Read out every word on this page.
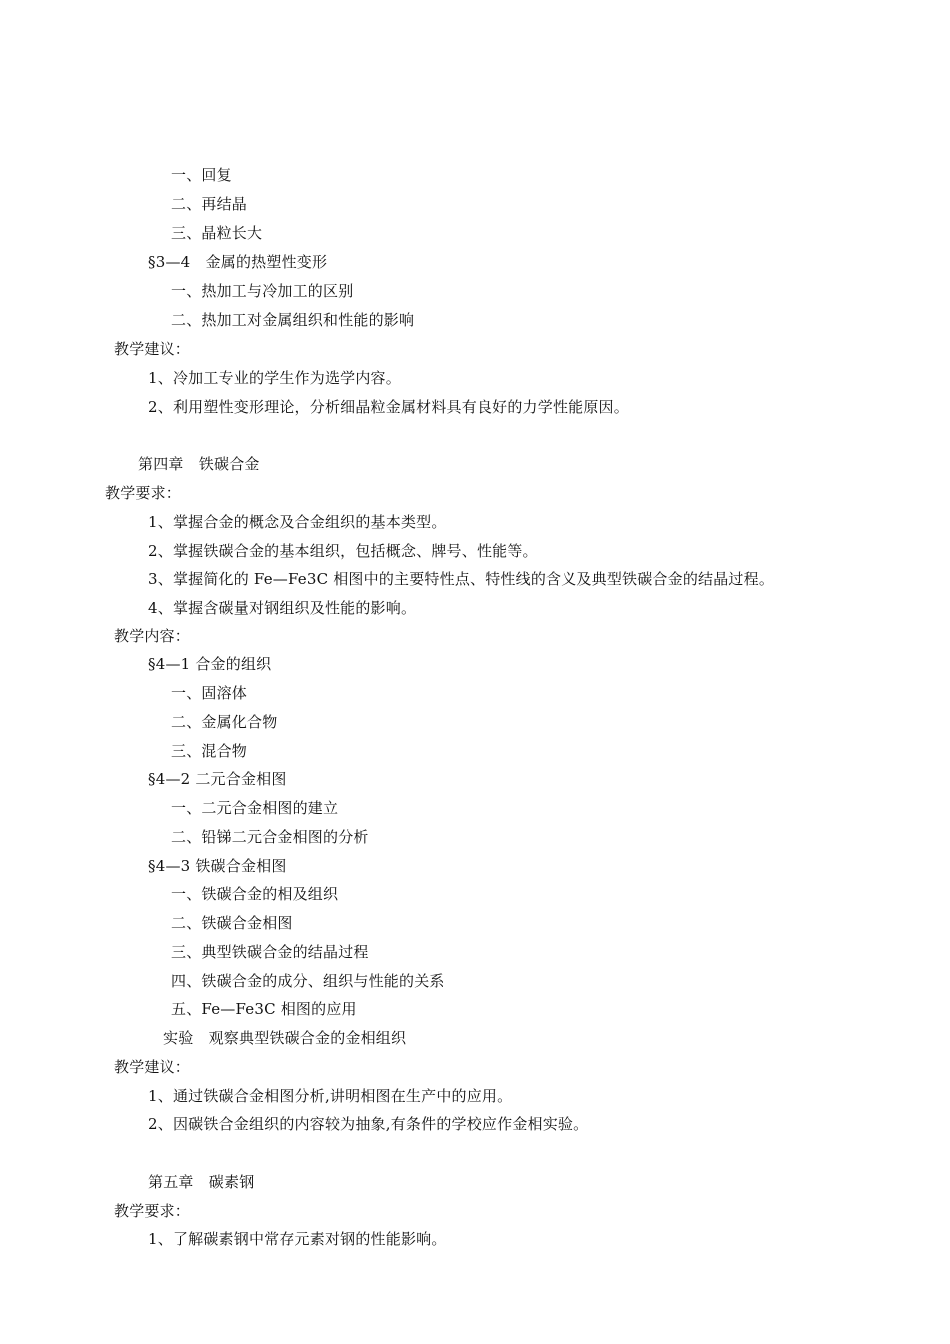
一、回复
二、再结晶
三、晶粒长大
§3—4　金属的热塑性变形
一、热加工与冷加工的区别
二、热加工对金属组织和性能的影响
教学建议：
1、冷加工专业的学生作为选学内容。
2、利用塑性变形理论，分析细晶粒金属材料具有良好的力学性能原因。
第四章　铁碳合金
教学要求：
1、掌握合金的概念及合金组织的基本类型。
2、掌握铁碳合金的基本组织，包括概念、牌号、性能等。
3、掌握简化的 Fe—Fe3C 相图中的主要特性点、特性线的含义及典型铁碳合金的结晶过程。
4、掌握含碳量对钢组织及性能的影响。
教学内容：
§4—1 合金的组织
一、固溶体
二、金属化合物
三、混合物
§4—2 二元合金相图
一、二元合金相图的建立
二、铅锑二元合金相图的分析
§4—3 铁碳合金相图
一、铁碳合金的相及组织
二、铁碳合金相图
三、典型铁碳合金的结晶过程
四、铁碳合金的成分、组织与性能的关系
五、Fe—Fe3C 相图的应用
实验　观察典型铁碳合金的金相组织
教学建议：
1、通过铁碳合金相图分析,讲明相图在生产中的应用。
2、因碳铁合金组织的内容较为抽象,有条件的学校应作金相实验。
第五章　碳素钢
教学要求：
1、了解碳素钢中常存元素对钢的性能影响。
